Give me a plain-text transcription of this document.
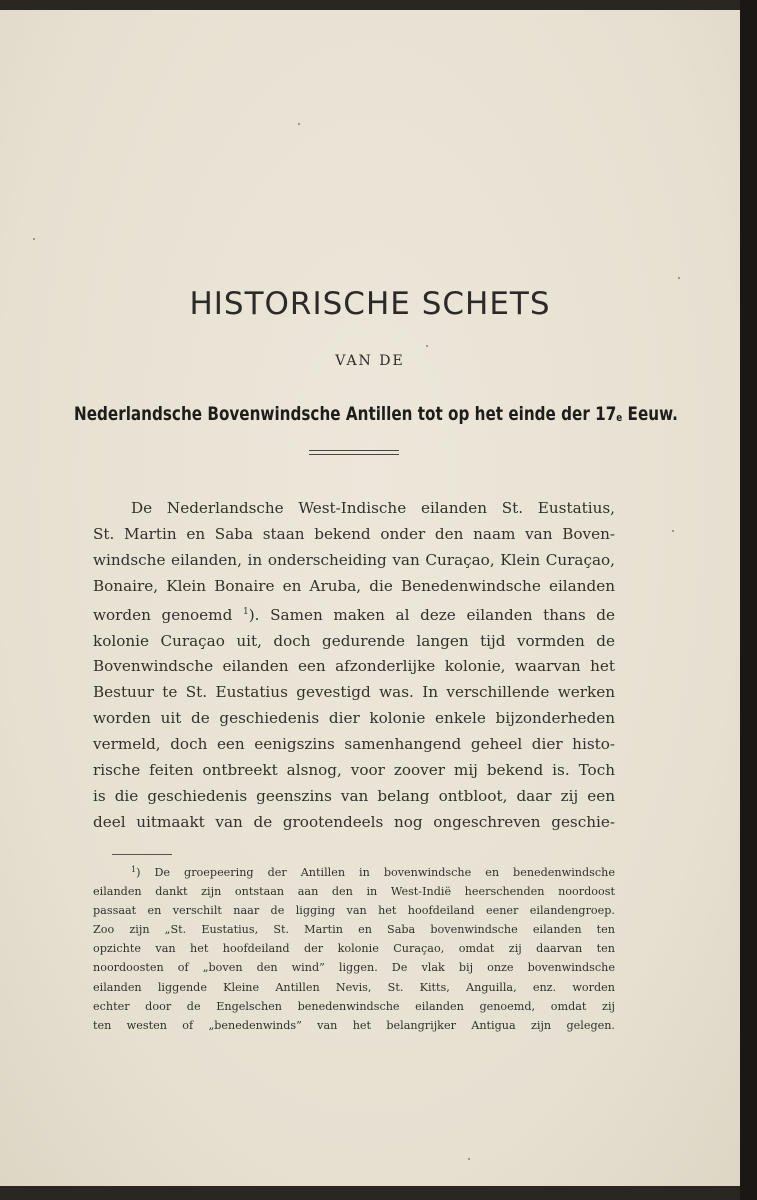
HISTORISCHE SCHETS
VAN DE
Nederlandsche Bovenwindsche Antillen tot op het einde der $17_e$ Eeuw.
De Nederlandsche West-Indische eilanden St. Eustatius,
St. Martin en Saba staan bekend onder den naam van Boven-
windsche eilanden, in onderscheiding van Curaçao, Klein Curaçao,
Bonaire, Klein Bonaire en Aruba, die Benedenwindsche eilanden
worden genoemd $^1$). Samen maken al deze eilanden thans de
kolonie Curaçao uit, doch gedurende langen tijd vormden de
Bovenwindsche eilanden een afzonderlijke kolonie, waarvan het
Bestuur te St. Eustatius gevestigd was. In verschillende werken
worden uit de geschiedenis dier kolonie enkele bijzonderheden
vermeld, doch een eenigszins samenhangend geheel dier histo-
rische feiten ontbreekt alsnog, voor zoover mij bekend is. Toch
is die geschiedenis geenszins van belang ontbloot, daar zij een
deel uitmaakt van de grootendeels nog ongeschreven geschie-
$^1$) De groepeering der Antillen in bovenwindsche en benedenwindsche
eilanden dankt zijn ontstaan aan den in West-Indië heerschenden noordoost
passaat en verschilt naar de ligging van het hoofdeiland eener eilandengroep.
Zoo zijn „St. Eustatius, St. Martin en Saba bovenwindsche eilanden ten
opzichte van het hoofdeiland der kolonie Curaçao, omdat zij daarvan ten
noordoosten of „boven den wind” liggen. De vlak bij onze bovenwindsche
eilanden liggende Kleine Antillen Nevis, St. Kitts, Anguilla, enz. worden
echter door de Engelschen benedenwindsche eilanden genoemd, omdat zij
ten westen of „benedenwinds” van het belangrijker Antigua zijn gelegen.
